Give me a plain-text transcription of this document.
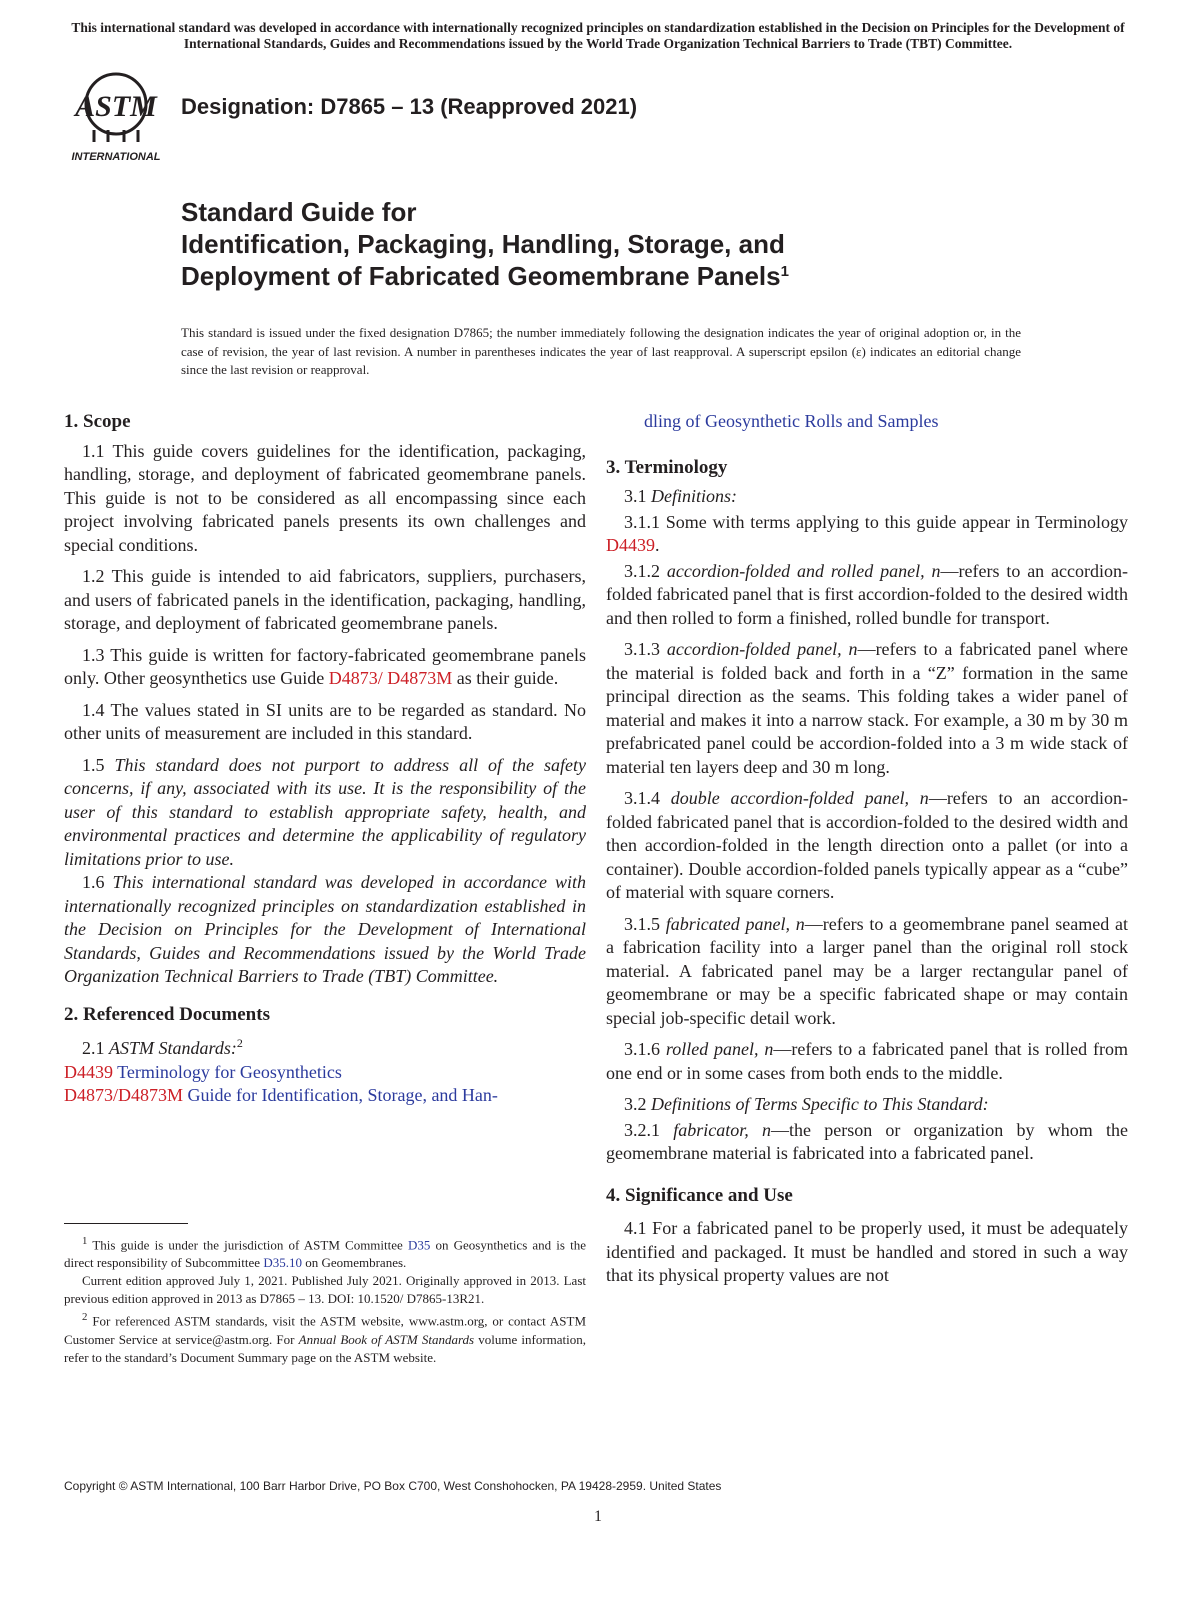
This international standard was developed in accordance with internationally recognized principles on standardization established in the Decision on Principles for the Development of International Standards, Guides and Recommendations issued by the World Trade Organization Technical Barriers to Trade (TBT) Committee.
ASTM
INTERNATIONAL
Designation: D7865 – 13 (Reapproved 2021)
Standard Guide for
Identification, Packaging, Handling, Storage, and
Deployment of Fabricated Geomembrane Panels$^1$
This standard is issued under the fixed designation D7865; the number immediately following the designation indicates the year of original adoption or, in the case of revision, the year of last revision. A number in parentheses indicates the year of last reapproval. A superscript epsilon (ε) indicates an editorial change since the last revision or reapproval.

1. Scope

1.1 This guide covers guidelines for the identification, packaging, handling, storage, and deployment of fabricated geomembrane panels. This guide is not to be considered as all encompassing since each project involving fabricated panels presents its own challenges and special conditions.

1.2 This guide is intended to aid fabricators, suppliers, purchasers, and users of fabricated panels in the identification, packaging, handling, storage, and deployment of fabricated geomembrane panels.

1.3 This guide is written for factory-fabricated geomembrane panels only. Other geosynthetics use Guide D4873/ D4873M as their guide.

1.4 The values stated in SI units are to be regarded as standard. No other units of measurement are included in this standard.

1.5 This standard does not purport to address all of the safety concerns, if any, associated with its use. It is the responsibility of the user of this standard to establish appropriate safety, health, and environmental practices and determine the applicability of regulatory limitations prior to use.

1.6 This international standard was developed in accordance with internationally recognized principles on standardization established in the Decision on Principles for the Development of International Standards, Guides and Recommendations issued by the World Trade Organization Technical Barriers to Trade (TBT) Committee.

2. Referenced Documents

2.1 ASTM Standards:$^2$

D4439 Terminology for Geosynthetics

D4873/D4873M Guide for Identification, Storage, and Han-

$^1$ This guide is under the jurisdiction of ASTM Committee D35 on Geosynthetics and is the direct responsibility of Subcommittee D35.10 on Geomembranes.

Current edition approved July 1, 2021. Published July 2021. Originally approved in 2013. Last previous edition approved in 2013 as D7865 – 13. DOI: 10.1520/ D7865-13R21.

$^2$ For referenced ASTM standards, visit the ASTM website, www.astm.org, or contact ASTM Customer Service at service@astm.org. For Annual Book of ASTM Standards volume information, refer to the standard’s Document Summary page on the ASTM website.

dling of Geosynthetic Rolls and Samples

3. Terminology

3.1 Definitions:

3.1.1 Some with terms applying to this guide appear in Terminology D4439.

3.1.2 accordion-folded and rolled panel, n—refers to an accordion-folded fabricated panel that is first accordion-folded to the desired width and then rolled to form a finished, rolled bundle for transport.

3.1.3 accordion-folded panel, n—refers to a fabricated panel where the material is folded back and forth in a “Z” formation in the same principal direction as the seams. This folding takes a wider panel of material and makes it into a narrow stack. For example, a 30 m by 30 m prefabricated panel could be accordion-folded into a 3 m wide stack of material ten layers deep and 30 m long.

3.1.4 double accordion-folded panel, n—refers to an accordion-folded fabricated panel that is accordion-folded to the desired width and then accordion-folded in the length direction onto a pallet (or into a container). Double accordion-folded panels typically appear as a “cube” of material with square corners.

3.1.5 fabricated panel, n—refers to a geomembrane panel seamed at a fabrication facility into a larger panel than the original roll stock material. A fabricated panel may be a larger rectangular panel of geomembrane or may be a specific fabricated shape or may contain special job-specific detail work.

3.1.6 rolled panel, n—refers to a fabricated panel that is rolled from one end or in some cases from both ends to the middle.

3.2 Definitions of Terms Specific to This Standard:

3.2.1 fabricator, n—the person or organization by whom the geomembrane material is fabricated into a fabricated panel.

4. Significance and Use

4.1 For a fabricated panel to be properly used, it must be adequately identified and packaged. It must be handled and stored in such a way that its physical property values are not

Copyright © ASTM International, 100 Barr Harbor Drive, PO Box C700, West Conshohocken, PA 19428-2959. United States
1
